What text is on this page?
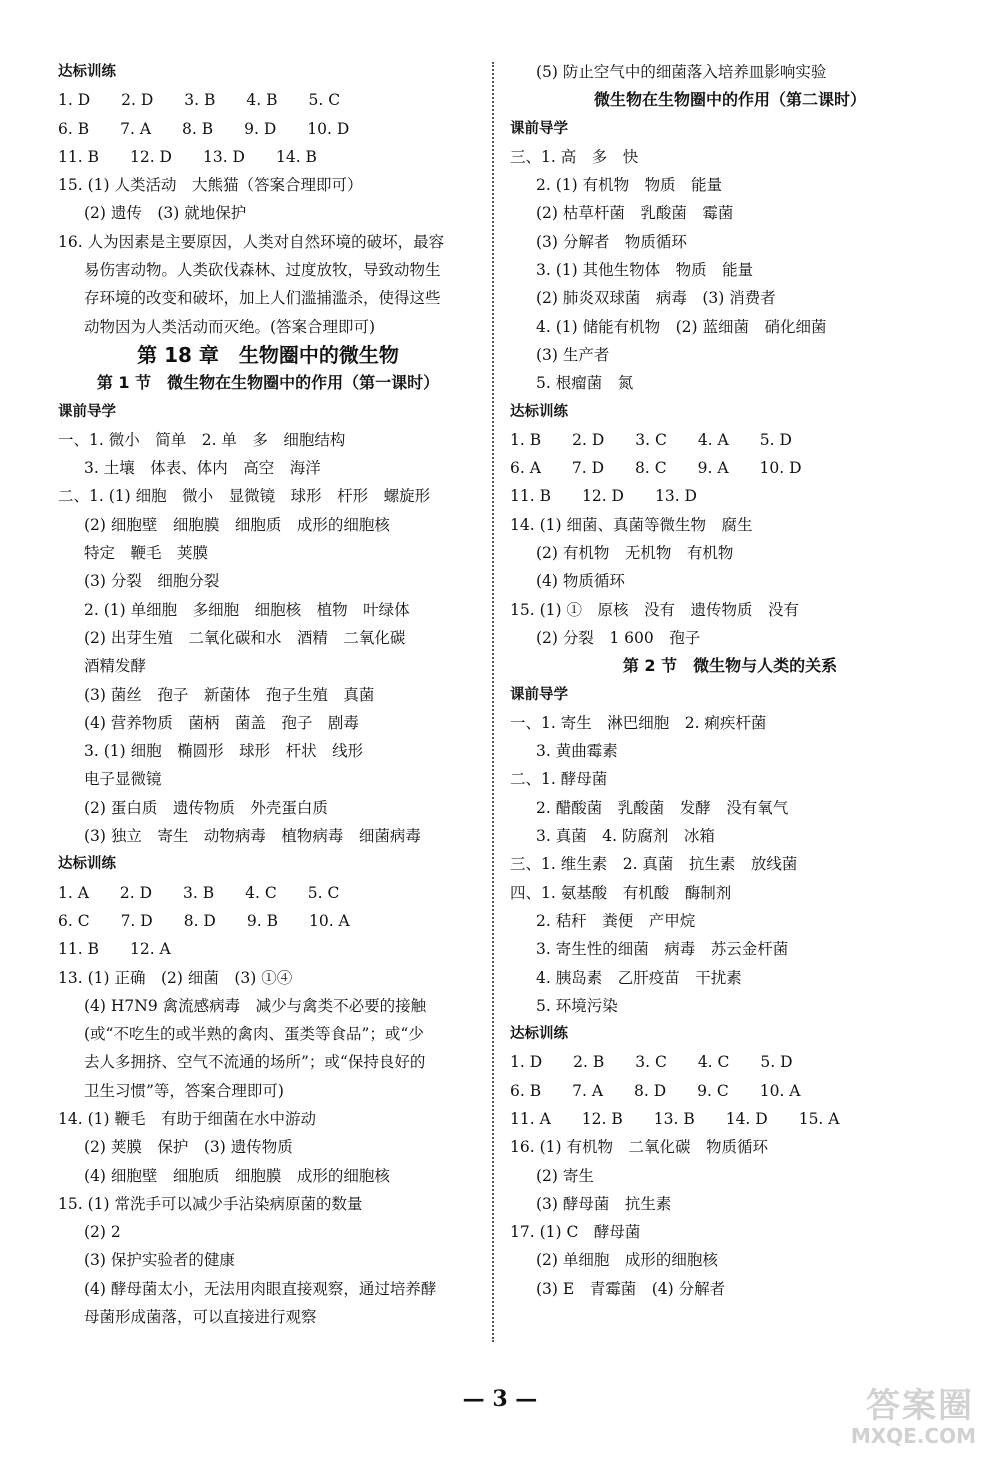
达标训练
1. D　　2. D　　3. B　　4. B　　5. C
6. B　　7. A　　8. B　　9. D　　10. D
11. B　　12. D　　13. D　　14. B
15. (1) 人类活动　大熊猫（答案合理即可）
(2) 遗传　(3) 就地保护
16. 人为因素是主要原因，人类对自然环境的破坏，最容
易伤害动物。人类砍伐森林、过度放牧，导致动物生
存环境的改变和破坏，加上人们滥捕滥杀，使得这些
动物因为人类活动而灭绝。(答案合理即可)
第 18 章　生物圈中的微生物
第 1 节　微生物在生物圈中的作用（第一课时）
课前导学
一、1. 微小　简单　2. 单　多　细胞结构
3. 土壤　体表、体内　高空　海洋
二、1. (1) 细胞　微小　显微镜　球形　杆形　螺旋形
(2) 细胞壁　细胞膜　细胞质　成形的细胞核
特定　鞭毛　荚膜
(3) 分裂　细胞分裂
2. (1) 单细胞　多细胞　细胞核　植物　叶绿体
(2) 出芽生殖　二氧化碳和水　酒精　二氧化碳
酒精发酵
(3) 菌丝　孢子　新菌体　孢子生殖　真菌
(4) 营养物质　菌柄　菌盖　孢子　剧毒
3. (1) 细胞　椭圆形　球形　杆状　线形
电子显微镜
(2) 蛋白质　遗传物质　外壳蛋白质
(3) 独立　寄生　动物病毒　植物病毒　细菌病毒
达标训练
1. A　　2. D　　3. B　　4. C　　5. C
6. C　　7. D　　8. D　　9. B　　10. A
11. B　　12. A
13. (1) 正确　(2) 细菌　(3) ①④
(4) H7N9 禽流感病毒　减少与禽类不必要的接触
(或“不吃生的或半熟的禽肉、蛋类等食品”；或“少
去人多拥挤、空气不流通的场所”；或“保持良好的
卫生习惯”等，答案合理即可)
14. (1) 鞭毛　有助于细菌在水中游动
(2) 荚膜　保护　(3) 遗传物质
(4) 细胞壁　细胞质　细胞膜　成形的细胞核
15. (1) 常洗手可以减少手沾染病原菌的数量
(2) 2
(3) 保护实验者的健康
(4) 酵母菌太小，无法用肉眼直接观察，通过培养酵
母菌形成菌落，可以直接进行观察
(5) 防止空气中的细菌落入培养皿影响实验
微生物在生物圈中的作用（第二课时）
课前导学
三、1. 高　多　快
2. (1) 有机物　物质　能量
(2) 枯草杆菌　乳酸菌　霉菌
(3) 分解者　物质循环
3. (1) 其他生物体　物质　能量
(2) 肺炎双球菌　病毒　(3) 消费者
4. (1) 储能有机物　(2) 蓝细菌　硝化细菌
(3) 生产者
5. 根瘤菌　氮
达标训练
1. B　　2. D　　3. C　　4. A　　5. D
6. A　　7. D　　8. C　　9. A　　10. D
11. B　　12. D　　13. D
14. (1) 细菌、真菌等微生物　腐生
(2) 有机物　无机物　有机物
(4) 物质循环
15. (1) ①　原核　没有　遗传物质　没有
(2) 分裂　1 600　孢子
第 2 节　微生物与人类的关系
课前导学
一、1. 寄生　淋巴细胞　2. 痢疾杆菌
3. 黄曲霉素
二、1. 酵母菌
2. 醋酸菌　乳酸菌　发酵　没有氧气
3. 真菌　4. 防腐剂　冰箱
三、1. 维生素　2. 真菌　抗生素　放线菌
四、1. 氨基酸　有机酸　酶制剂
2. 秸秆　粪便　产甲烷
3. 寄生性的细菌　病毒　苏云金杆菌
4. 胰岛素　乙肝疫苗　干扰素
5. 环境污染
达标训练
1. D　　2. B　　3. C　　4. C　　5. D
6. B　　7. A　　8. D　　9. C　　10. A
11. A　　12. B　　13. B　　14. D　　15. A
16. (1) 有机物　二氧化碳　物质循环
(2) 寄生
(3) 酵母菌　抗生素
17. (1) C　酵母菌
(2) 单细胞　成形的细胞核
(3) E　青霉菌　(4) 分解者
— 3 —	答案圈
MXQE.COM
